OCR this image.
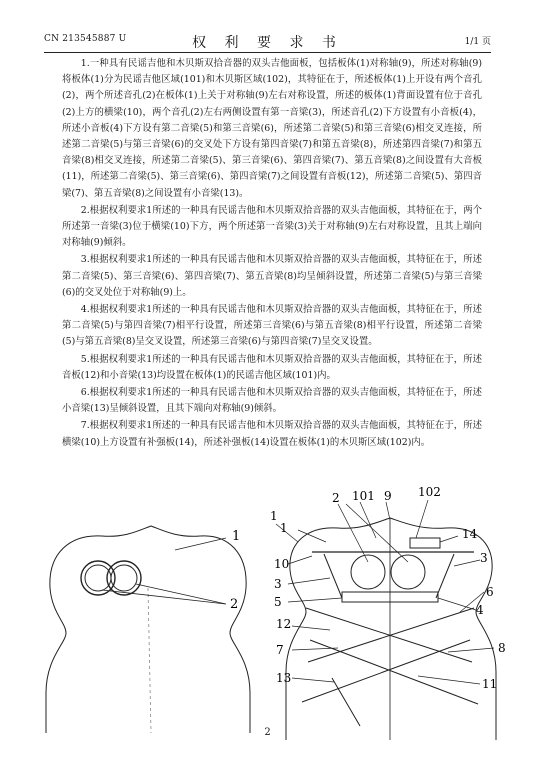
CN 213545887 U	权 利 要 求 书	1/1 页

1.一种具有民谣吉他和木贝斯双拾音器的双头吉他面板，包括板体(1)对称轴(9)，所述对称轴(9)将板体(1)分为民谣吉他区域(101)和木贝斯区域(102)，其特征在于，所述板体(1)上开设有两个音孔(2)，两个所述音孔(2)在板体(1)上关于对称轴(9)左右对称设置，所述的板体(1)背面设置有位于音孔(2)上方的横梁(10)，两个音孔(2)左右两侧设置有第一音梁(3)，所述音孔(2)下方设置有小音板(4)，所述小音板(4)下方设有第二音梁(5)和第三音梁(6)，所述第二音梁(5)和第三音梁(6)相交叉连接，所述第二音梁(5)与第三音梁(6)的交叉处下方设有第四音梁(7)和第五音梁(8)，所述第四音梁(7)和第五音梁(8)相交叉连接，所述第二音梁(5)、第三音梁(6)、第四音梁(7)、第五音梁(8)之间设置有大音板(11)，所述第二音梁(5)、第三音梁(6)、第四音梁(7)之间设置有音板(12)，所述第二音梁(5)、第四音梁(7)、第五音梁(8)之间设置有小音梁(13)。

2.根据权利要求1所述的一种具有民谣吉他和木贝斯双拾音器的双头吉他面板，其特征在于，两个所述第一音梁(3)位于横梁(10)下方，两个所述第一音梁(3)关于对称轴(9)左右对称设置，且其上端向对称轴(9)倾斜。

3.根据权利要求1所述的一种具有民谣吉他和木贝斯双拾音器的双头吉他面板，其特征在于，所述第二音梁(5)、第三音梁(6)、第四音梁(7)、第五音梁(8)均呈倾斜设置，所述第二音梁(5)与第三音梁(6)的交叉处位于对称轴(9)上。

4.根据权利要求1所述的一种具有民谣吉他和木贝斯双拾音器的双头吉他面板，其特征在于，所述第二音梁(5)与第四音梁(7)相平行设置，所述第三音梁(6)与第五音梁(8)相平行设置，所述第二音梁(5)与第五音梁(8)呈交叉设置，所述第三音梁(6)与第四音梁(7)呈交叉设置。

5.根据权利要求1所述的一种具有民谣吉他和木贝斯双拾音器的双头吉他面板，其特征在于，所述音板(12)和小音梁(13)均设置在板体(1)的民谣吉他区域(101)内。

6.根据权利要求1所述的一种具有民谣吉他和木贝斯双拾音器的双头吉他面板，其特征在于，所述小音梁(13)呈倾斜设置，且其下端向对称轴(9)倾斜。

7.根据权利要求1所述的一种具有民谣吉他和木贝斯双拾音器的双头吉他面板，其特征在于，所述横梁(10)上方设置有补强板(14)，所述补强板(14)设置在板体(1)的木贝斯区域(102)内。

1
2
2 101 9 102
1	14
10	3
3
5
6
4
12
7	8
13	11
1
2
